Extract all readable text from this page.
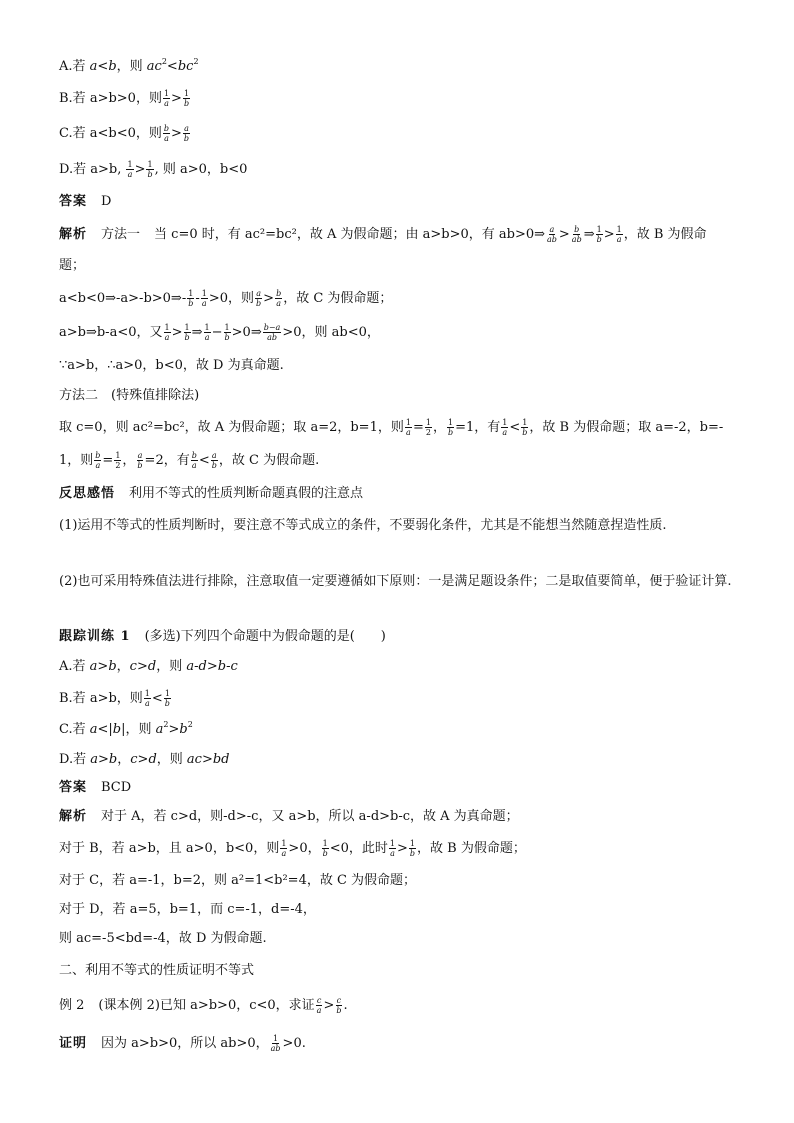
A.若 a<b，则 $ac^2<bc^2$
B.若 a>b>0，则 $\frac{1}{a} > \frac{1}{b}$
C.若 a<b<0，则 $\frac{b}{a} > \frac{a}{b}$
D.若 a>b, $\frac{1}{a} > \frac{1}{b}$ , 则 a>0，b<0
答案 D
解析 方法一 当 c=0 时，有 ac²=bc²，故 A 为假命题；由 a>b>0，有 ab>0⇒ $\frac{a}{ab} > \frac{b}{ab}$ ⇒ $\frac{1}{b} > \frac{1}{a}$ ，故 B 为假命
题；
a<b<0⇒-a>-b>0⇒- $\frac{1}{b} - \frac{1}{a} >0$，则 $\frac{a}{b} > \frac{b}{a}$ ，故 C 为假命题；
a>b⇒b-a<0，又 $\frac{1}{a} > \frac{1}{b}$ ⇒ $\frac{1}{a} - \frac{1}{b}$ >0⇒ $\frac{b-a}{ab} >0$，则 ab<0，
∵a>b，∴a>0，b<0，故 D 为真命题.
方法二　(特殊值排除法)
取 c=0，则 ac²=bc²，故 A 为假命题；取 a=2，b=1，则 $\frac{1}{a} = \frac{1}{2}$ ， $\frac{1}{b} =1$，有 $\frac{1}{a} < \frac{1}{b}$ ，故 B 为假命题；取 a=-2，b=-
1，则 $\frac{b}{a} = \frac{1}{2}$ ， $\frac{a}{b} =2$，有 $\frac{b}{a} < \frac{a}{b}$ ，故 C 为假命题.
反思感悟 利用不等式的性质判断命题真假的注意点
(1)运用不等式的性质判断时，要注意不等式成立的条件，不要弱化条件，尤其是不能想当然随意捏造性质.
(2)也可采用特殊值法进行排除，注意取值一定要遵循如下原则：一是满足题设条件；二是取值要简单，便于验证计算.
跟踪训练 1 (多选)下列四个命题中为假命题的是(　　)
A.若 a>b，c>d，则 a-d>b-c
B.若 a>b，则 $\frac{1}{a} < \frac{1}{b}$
C.若 a<|b|，则 $a^2>b^2$
D.若 a>b，c>d，则 ac>bd
答案 BCD
解析 对于 A，若 c>d，则-d>-c，又 a>b，所以 a-d>b-c，故 A 为真命题；
对于 B，若 a>b，且 a>0，b<0，则 $\frac{1}{a} >0$， $\frac{1}{b} <0$，此时 $\frac{1}{a} > \frac{1}{b}$ ，故 B 为假命题；
对于 C，若 a=-1，b=2，则 a²=1<b²=4，故 C 为假命题；
对于 D，若 a=5，b=1，而 c=-1，d=-4，
则 ac=-5<bd=-4，故 D 为假命题.
二、利用不等式的性质证明不等式
例 2 (课本例 2)已知 a>b>0，c<0，求证 $\frac{c}{a} > \frac{c}{b}$ .
证明 因为 a>b>0，所以 ab>0， $\frac{1}{ab} >0$.
